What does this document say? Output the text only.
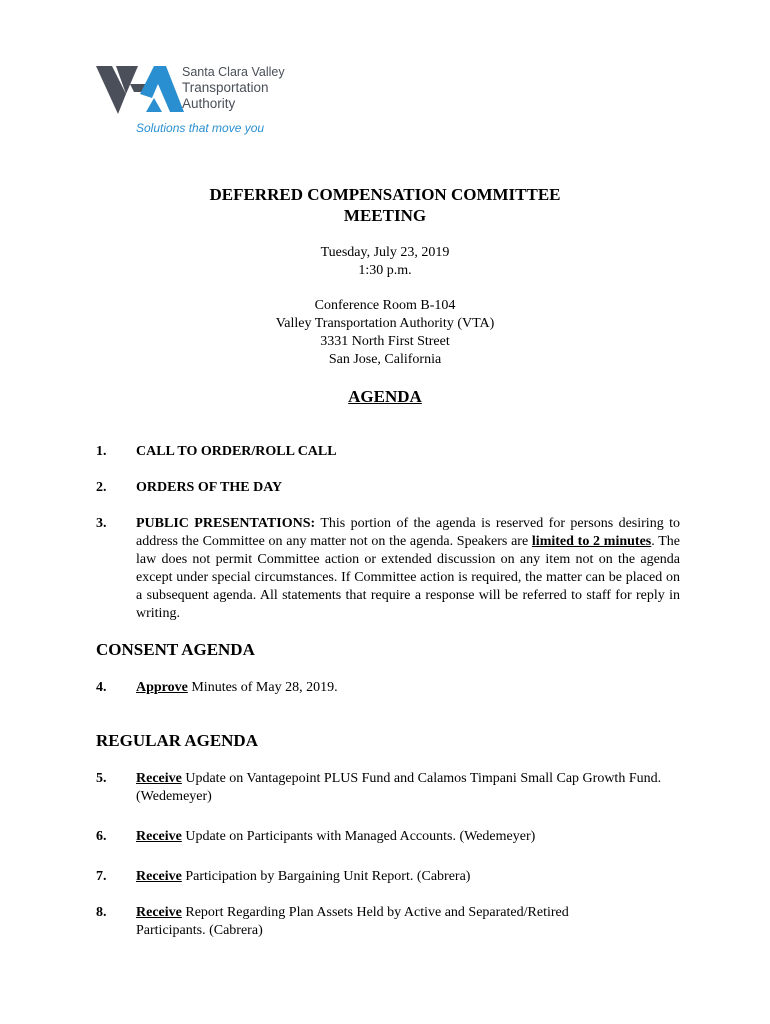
Santa Clara Valley
Transportation
Authority
Solutions that move you
DEFERRED COMPENSATION COMMITTEE
MEETING
Tuesday, July 23, 2019
1:30 p.m.
Conference Room B-104
Valley Transportation Authority (VTA)
3331 North First Street
San Jose, California
AGENDA
1. CALL TO ORDER/ROLL CALL
2. ORDERS OF THE DAY
3. PUBLIC PRESENTATIONS: This portion of the agenda is reserved for persons desiring to address the Committee on any matter not on the agenda. Speakers are limited to 2 minutes. The law does not permit Committee action or extended discussion on any item not on the agenda except under special circumstances. If Committee action is required, the matter can be placed on a subsequent agenda. All statements that require a response will be referred to staff for reply in writing.
CONSENT AGENDA
4. Approve Minutes of May 28, 2019.
REGULAR AGENDA
5. Receive Update on Vantagepoint PLUS Fund and Calamos Timpani Small Cap Growth Fund. (Wedemeyer)
6. Receive Update on Participants with Managed Accounts. (Wedemeyer)
7. Receive Participation by Bargaining Unit Report. (Cabrera)
8. Receive Report Regarding Plan Assets Held by Active and Separated/Retired Participants. (Cabrera)
